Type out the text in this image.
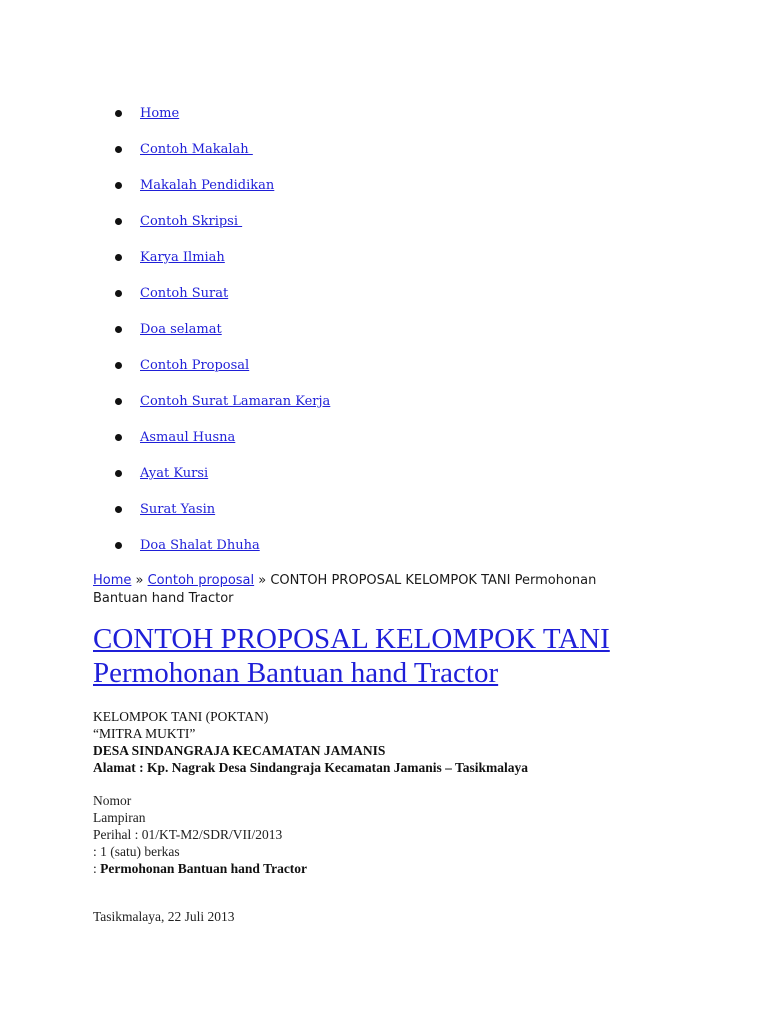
Home
Contoh Makalah
Makalah Pendidikan
Contoh Skripsi
Karya Ilmiah
Contoh Surat
Doa selamat
Contoh Proposal
Contoh Surat Lamaran Kerja
Asmaul Husna
Ayat Kursi
Surat Yasin
Doa Shalat Dhuha
Home » Contoh proposal » CONTOH PROPOSAL KELOMPOK TANI Permohonan Bantuan hand Tractor
CONTOH PROPOSAL KELOMPOK TANI Permohonan Bantuan hand Tractor
KELOMPOK TANI (POKTAN)
“MITRA MUKTI”
DESA SINDANGRAJA KECAMATAN JAMANIS
Alamat : Kp. Nagrak Desa Sindangraja Kecamatan Jamanis – Tasikmalaya
Nomor
Lampiran
Perihal : 01/KT-M2/SDR/VII/2013
: 1 (satu) berkas
: Permohonan Bantuan hand Tractor
Tasikmalaya, 22 Juli 2013
